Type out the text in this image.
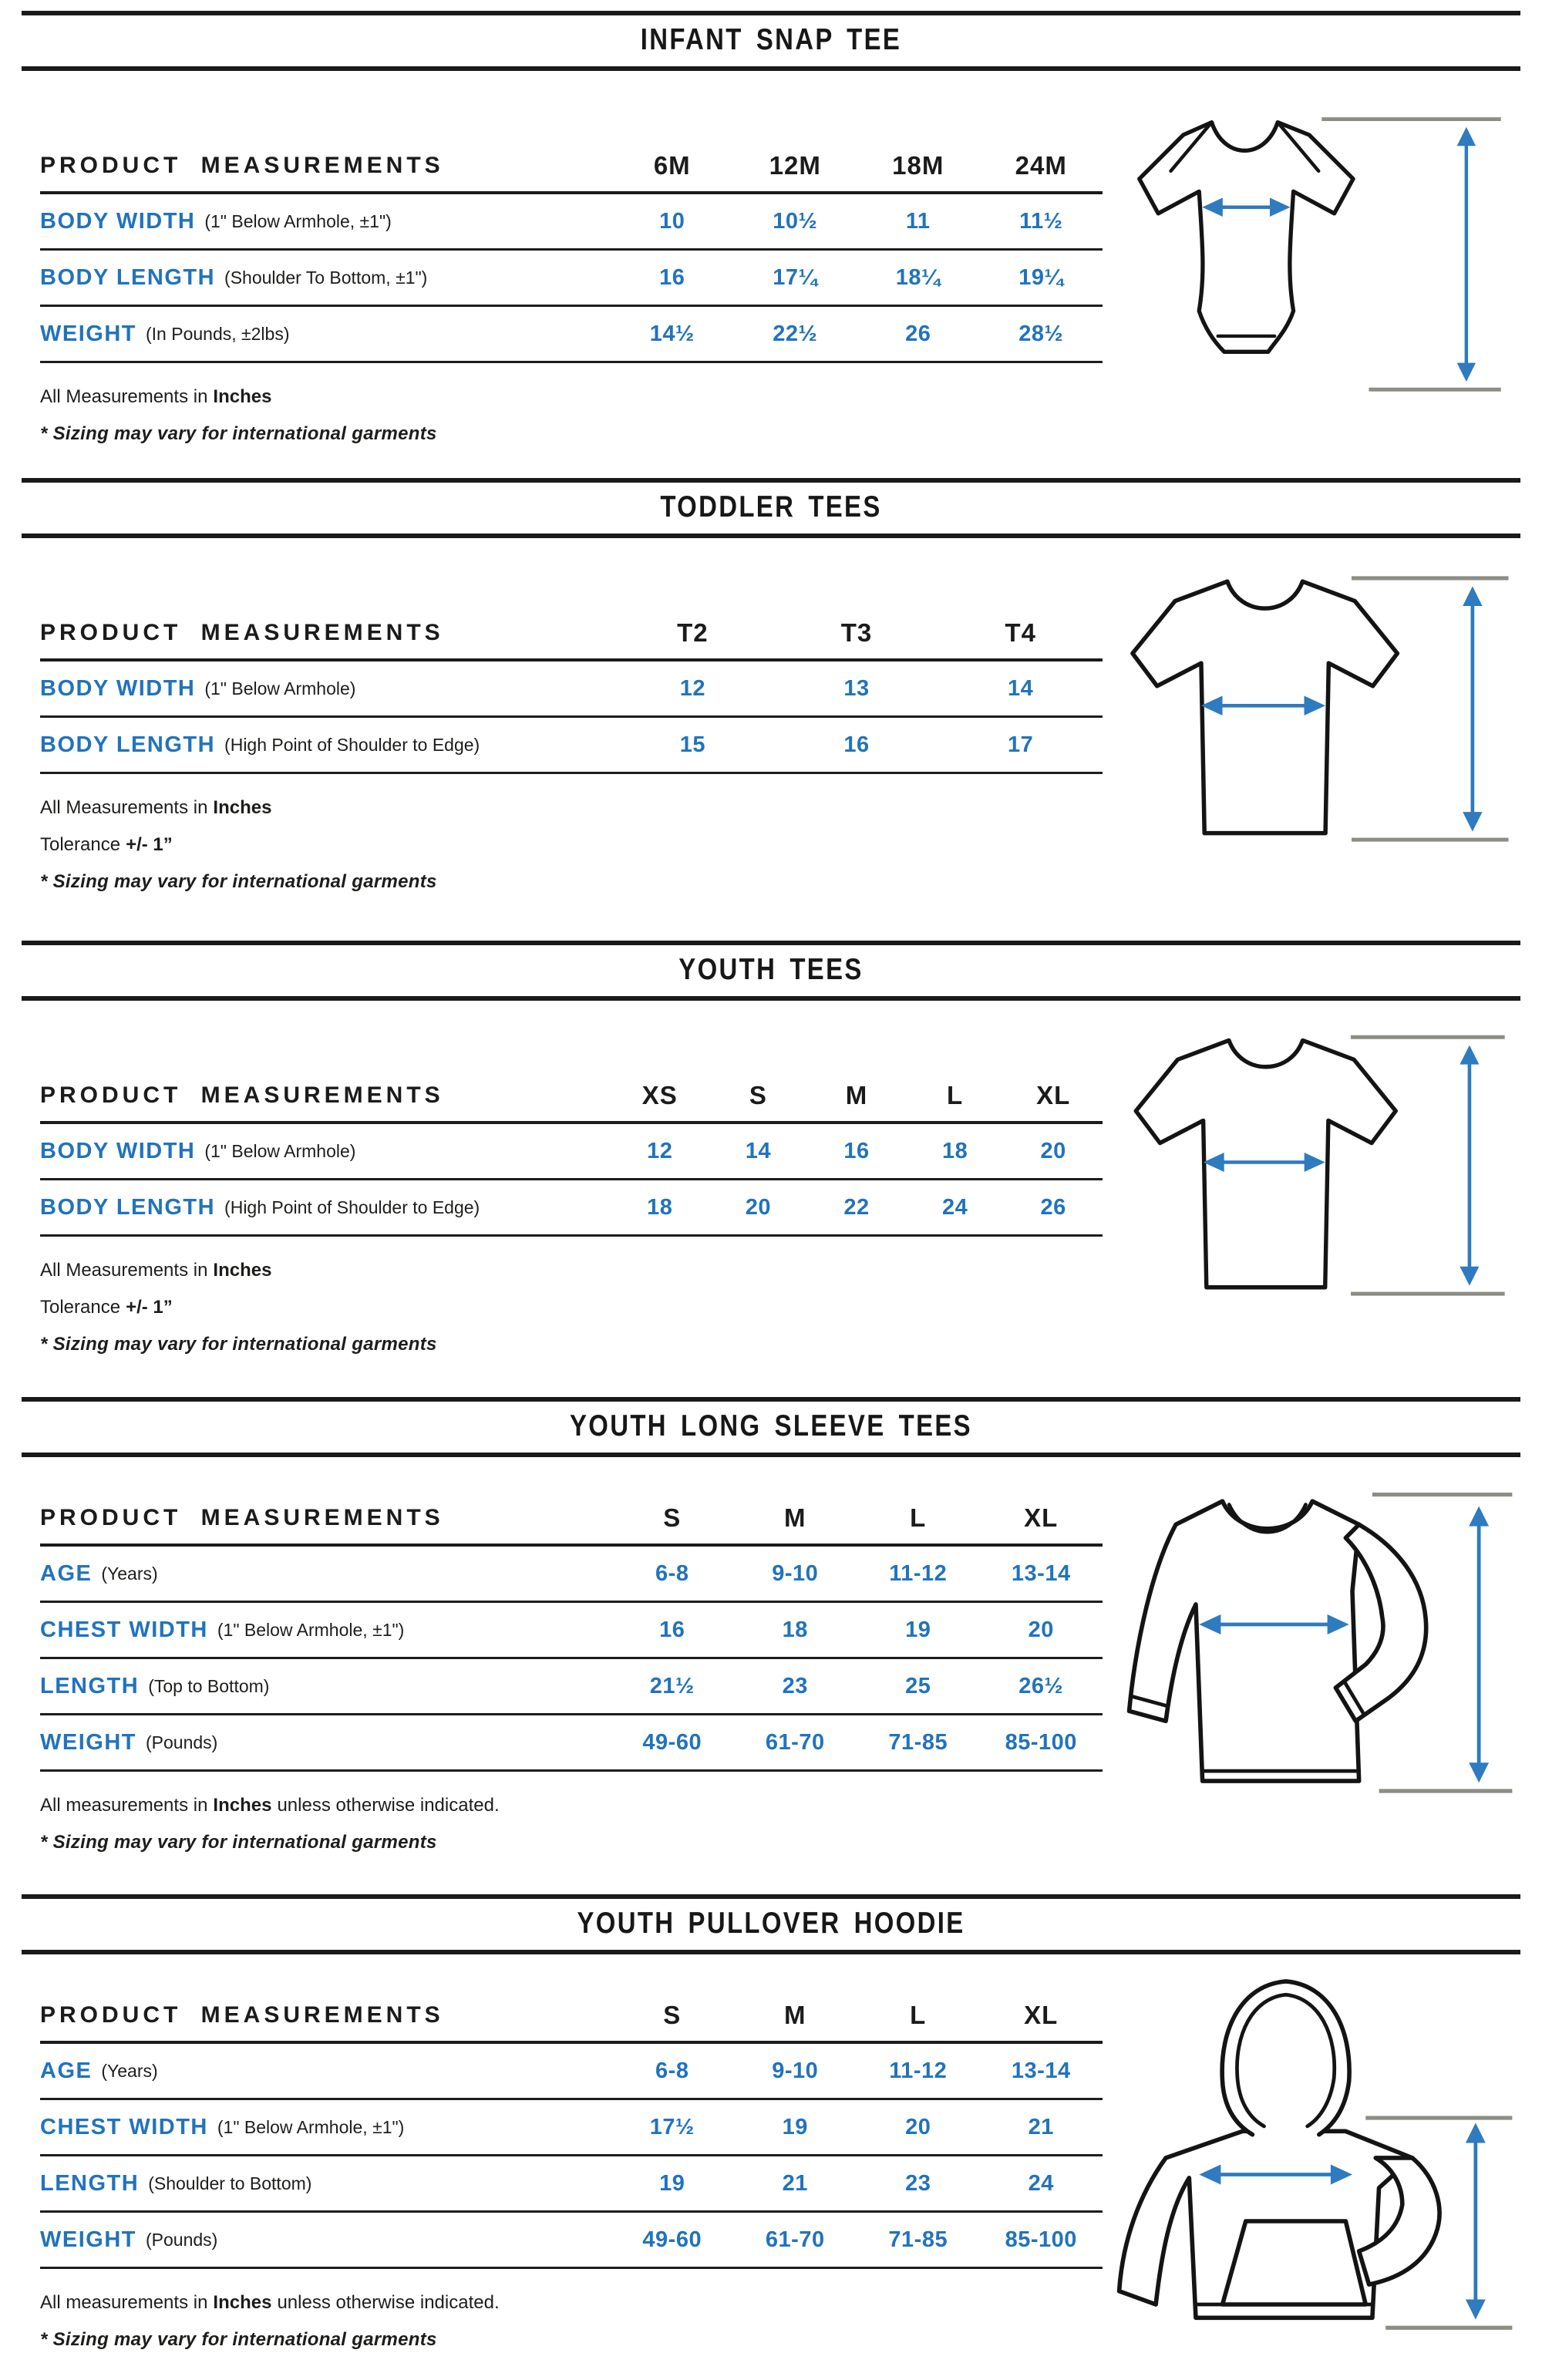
INFANT SNAP TEE
PRODUCT MEASUREMENTS	6M	12M	18M	24M
BODY WIDTH (1" Below Armhole, ±1")	10	10½	11	11½
BODY LENGTH (Shoulder To Bottom, ±1")	16	17¼	18¼	19¼
WEIGHT (In Pounds, ±2lbs)	14½	22½	26	28½

All Measurements in Inches

* Sizing may vary for international garments

TODDLER TEES
PRODUCT MEASUREMENTS	T2	T3	T4
BODY WIDTH (1" Below Armhole)	12	13	14
BODY LENGTH (High Point of Shoulder to Edge)	15	16	17

All Measurements in Inches

Tolerance +/- 1”

* Sizing may vary for international garments

YOUTH TEES
PRODUCT MEASUREMENTS	XS	S	M	L	XL
BODY WIDTH (1" Below Armhole)	12	14	16	18	20
BODY LENGTH (High Point of Shoulder to Edge)	18	20	22	24	26

All Measurements in Inches

Tolerance +/- 1”

* Sizing may vary for international garments

YOUTH LONG SLEEVE TEES
PRODUCT MEASUREMENTS	S	M	L	XL
AGE (Years)	6-8	9-10	11-12	13-14
CHEST WIDTH (1" Below Armhole, ±1")	16	18	19	20
LENGTH (Top to Bottom)	21½	23	25	26½
WEIGHT (Pounds)	49-60	61-70	71-85	85-100

All measurements in Inches unless otherwise indicated.

* Sizing may vary for international garments

YOUTH PULLOVER HOODIE
PRODUCT MEASUREMENTS	S	M	L	XL
AGE (Years)	6-8	9-10	11-12	13-14
CHEST WIDTH (1" Below Armhole, ±1")	17½	19	20	21
LENGTH (Shoulder to Bottom)	19	21	23	24
WEIGHT (Pounds)	49-60	61-70	71-85	85-100

All measurements in Inches unless otherwise indicated.

* Sizing may vary for international garments
